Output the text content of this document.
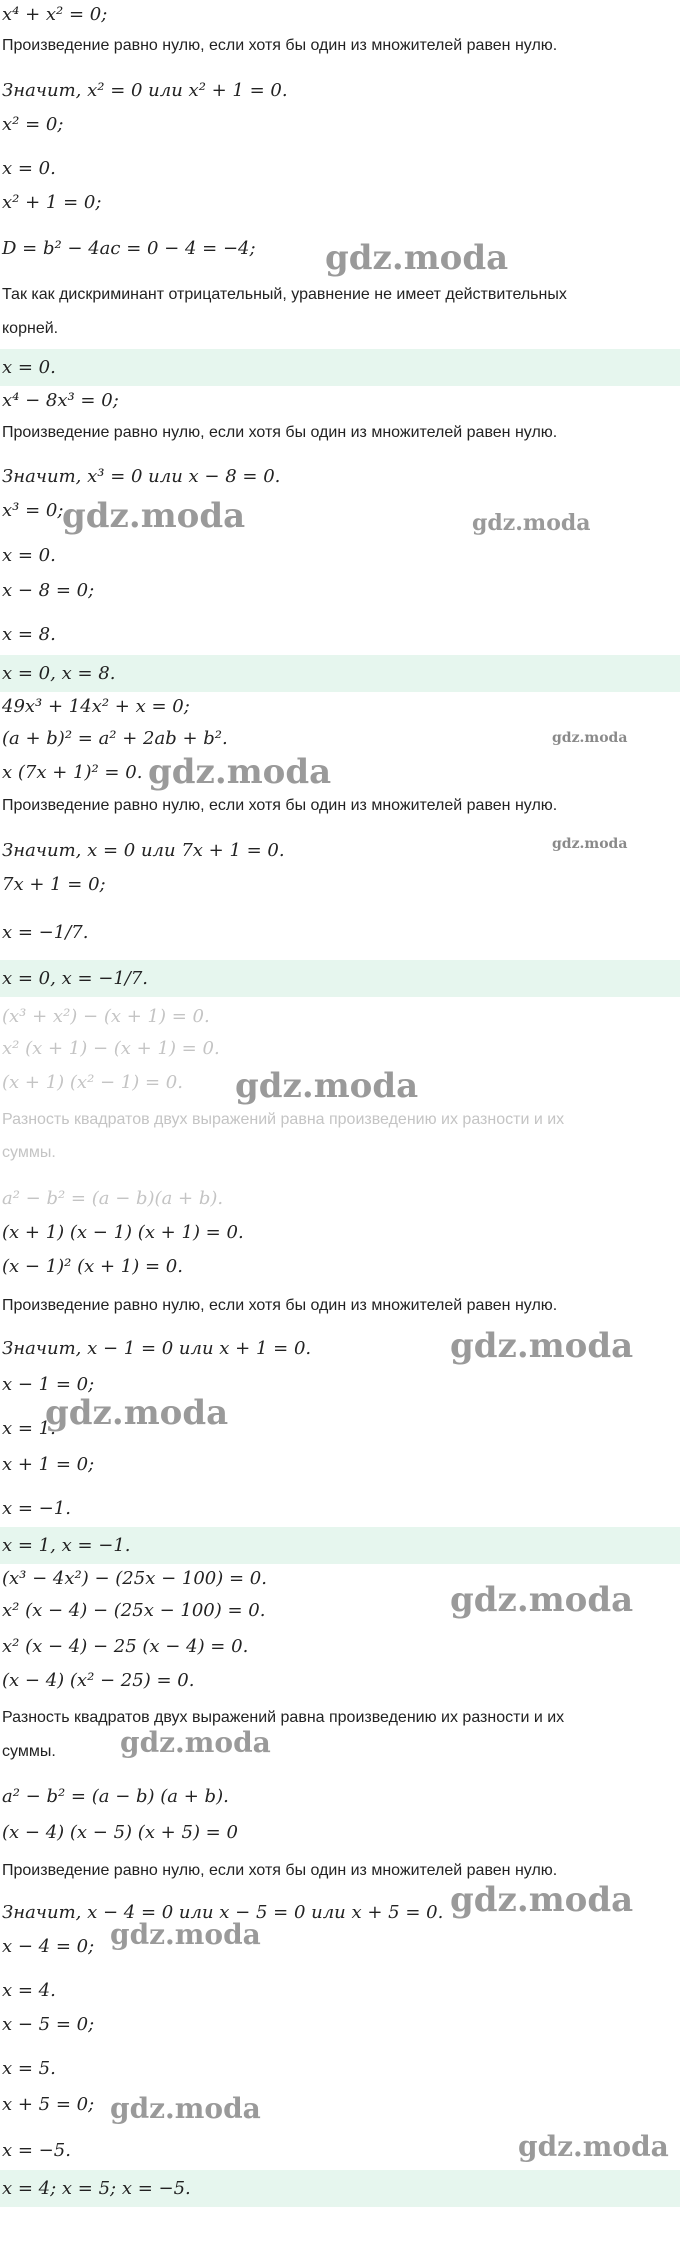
x⁴ + x² = 0;
Произведение равно нулю, если хотя бы один из множителей равен нулю.
Значит, x² = 0 или x² + 1 = 0.
x² = 0;
x = 0.
x² + 1 = 0;
D = b² − 4ac = 0 − 4 = −4;
Так как дискриминант отрицательный, уравнение не имеет действительных
корней.
x = 0.
x⁴ − 8x³ = 0;
Произведение равно нулю, если хотя бы один из множителей равен нулю.
Значит, x³ = 0 или x − 8 = 0.
x³ = 0;
x = 0.
x − 8 = 0;
x = 8.
x = 0, x = 8.
49x³ + 14x² + x = 0;
(a + b)² = a² + 2ab + b².
x (7x + 1)² = 0.
Произведение равно нулю, если хотя бы один из множителей равен нулю.
Значит, x = 0 или 7x + 1 = 0.
7x + 1 = 0;
x = −1/7.
x = 0, x = −1/7.
(x³ + x²) − (x + 1) = 0.
x² (x + 1) − (x + 1) = 0.
(x + 1) (x² − 1) = 0.
Разность квадратов двух выражений равна произведению их разности и их
суммы.
a² − b² = (a − b)(a + b).
(x + 1) (x − 1) (x + 1) = 0.
(x − 1)² (x + 1) = 0.
Произведение равно нулю, если хотя бы один из множителей равен нулю.
Значит, x − 1 = 0 или x + 1 = 0.
x − 1 = 0;
x = 1.
x + 1 = 0;
x = −1.
x = 1, x = −1.
(x³ − 4x²) − (25x − 100) = 0.
x² (x − 4) − (25x − 100) = 0.
x² (x − 4) − 25 (x − 4) = 0.
(x − 4) (x² − 25) = 0.
Разность квадратов двух выражений равна произведению их разности и их
суммы.
a² − b² = (a − b) (a + b).
(x − 4) (x − 5) (x + 5) = 0
Произведение равно нулю, если хотя бы один из множителей равен нулю.
Значит, x − 4 = 0 или x − 5 = 0 или x + 5 = 0.
x − 4 = 0;
x = 4.
x − 5 = 0;
x = 5.
x + 5 = 0;
x = −5.
x = 4; x = 5; x = −5.
gdz.moda
gdz.moda	gdz.moda
gdz.moda
gdz.moda
gdz.moda
gdz.moda
gdz.moda
gdz.moda
gdz.moda
gdz.moda
gdz.moda
gdz.moda
gdz.moda
gdz.moda
